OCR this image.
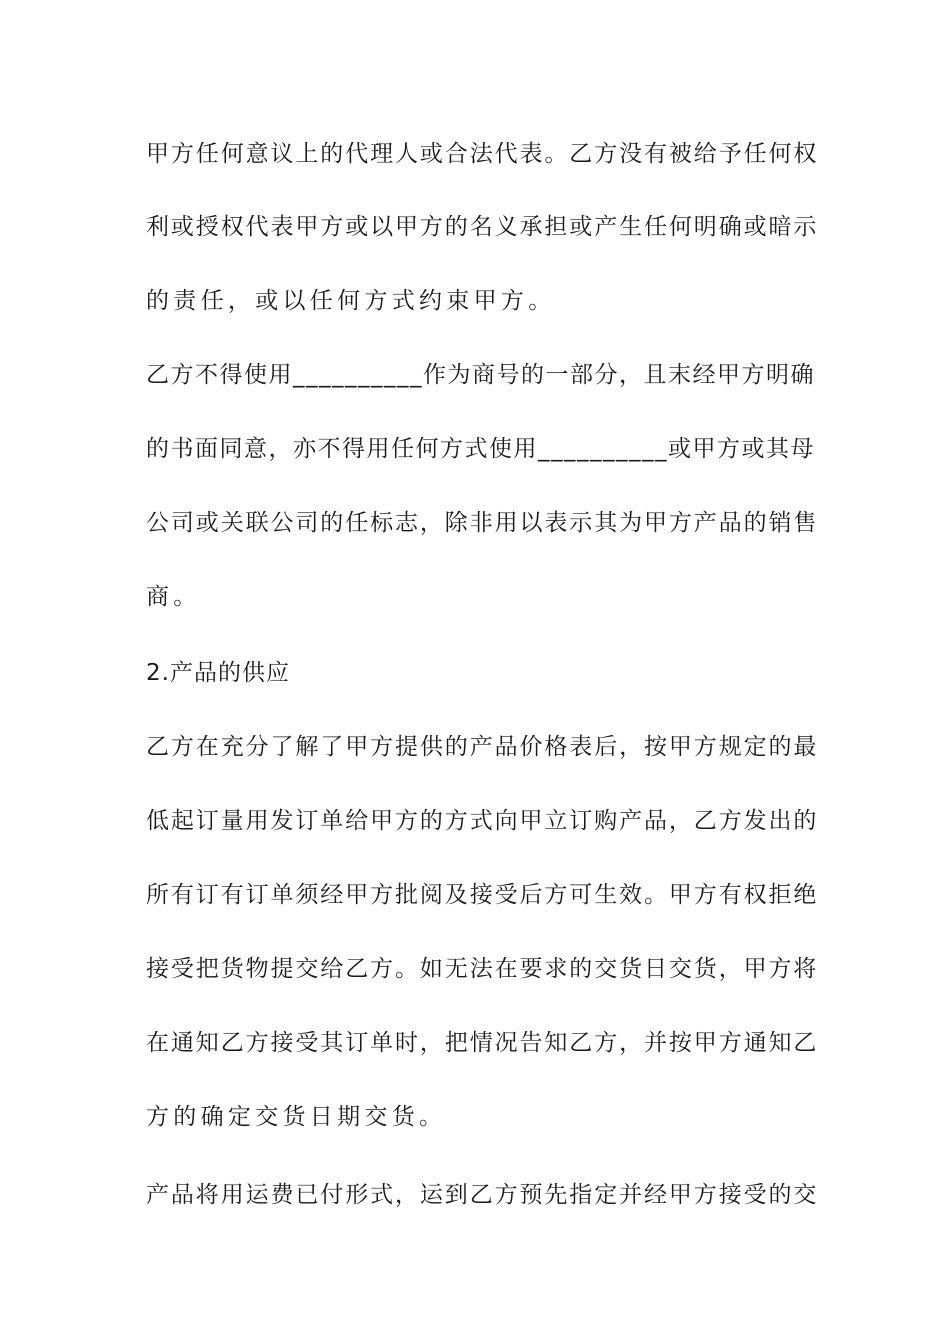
甲方任何意议上的代理人或合法代表。乙方没有被给予任何权
利或授权代表甲方或以甲方的名义承担或产生任何明确或暗示
的责任，或以任何方式约束甲方。
乙方不得使用__________作为商号的一部分，且末经甲方明确
的书面同意，亦不得用任何方式使用__________或甲方或其母
公司或关联公司的任标志，除非用以表示其为甲方产品的销售
商。
2.产品的供应
乙方在充分了解了甲方提供的产品价格表后，按甲方规定的最
低起订量用发订单给甲方的方式向甲立订购产品，乙方发出的
所有订有订单须经甲方批阅及接受后方可生效。甲方有权拒绝
接受把货物提交给乙方。如无法在要求的交货日交货，甲方将
在通知乙方接受其订单时，把情况告知乙方，并按甲方通知乙
方的确定交货日期交货。
产品将用运费已付形式，运到乙方预先指定并经甲方接受的交
